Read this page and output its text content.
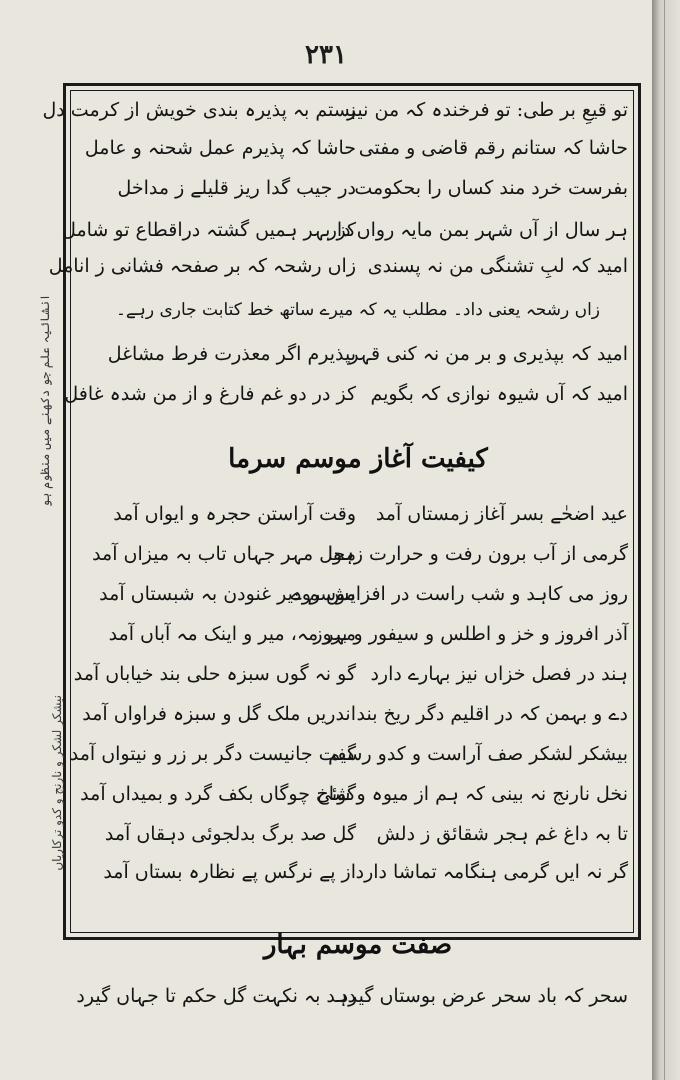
۲۳۱
تو قیعِ بر طی: تو فرخندہ کہ من نیز
بستم بہ پذیرہ بندی خویش از کرمت دل
حاشا کہ ستانم رقم قاضی و مفتی
حاشا کہ پذیرم عمل شحنہ و عامل
بفرست خرد مند کساں را بحکومت
در جیب گدا ریز قلیلے ز مداخل
ہر سال از آں شہر بمن مایہ رواں دار
کز بہر ہمیں گشتہ دراقطاع تو شامل
امید کہ لبِ تشنگی من نہ پسندی
زاں رشحہ کہ بر صفحہ فشانی ز انامل
زاں رشحہ یعنی داد۔ مطلب یہ کہ میرے ساتھ خط کتابت جاری رہے۔
امید کہ بپذیری و بر من نہ کنی قہر
بپذیرم اگر معذرت فرط مشاغل
امید کہ آں شیوہ نوازی کہ بگویم
کز در دو غم فارغ و از من شدہ غافل
کیفیت آغاز موسم سرما
عید اضحٰے بسر آغاز زمستاں آمد
وقت آراستن حجرہ و ایواں آمد
گرمی از آب برون رفت و حرارت زہوا
محل مہر جہاں تاب بہ میزاں آمد
روز می کاہد و شب راست در افزایش روے
موسم دیر غنودن بہ شبستاں آمد
آذر افروز و خز و اطلس و سیفور و بروز
مہر مہ، میر و اینک مہ آباں آمد
ہند در فصل خزاں نیز بہارے دارد
گو نہ گوں سبزہ حلی بند خیاباں آمد
دے و بہمن کہ در اقلیم دگر ریخ بند
اندریں ملک گل و سبزہ فراواں آمد
بیشکر لشکر صف آراست و کدو رسیم
گفت جانیست دگر بر زر و نیتواں آمد
نخل نارنج نہ بینی کہ ہم از میوہ و شاخ
گوئی چوگاں بکف گرد و بمیداں آمد
تا بہ داغ غم ہجر شقائق ز دلش
گل صد برگ بدلجوئی دہقاں آمد
گر نہ ایں گرمی ہنگامہ تماشا دارد
از پے نرگس پے نظارہ بستاں آمد
صفت موسم بہار
سحر کہ باد سحر عرض بوستاں گیرد
دہد بہ نکہت گل حکم تا جہاں گیرد
انشائیہ علم جو دکھنے میں منظوم ہو
نیشکر لشکر و نارنج و کدو ترکاریاں
